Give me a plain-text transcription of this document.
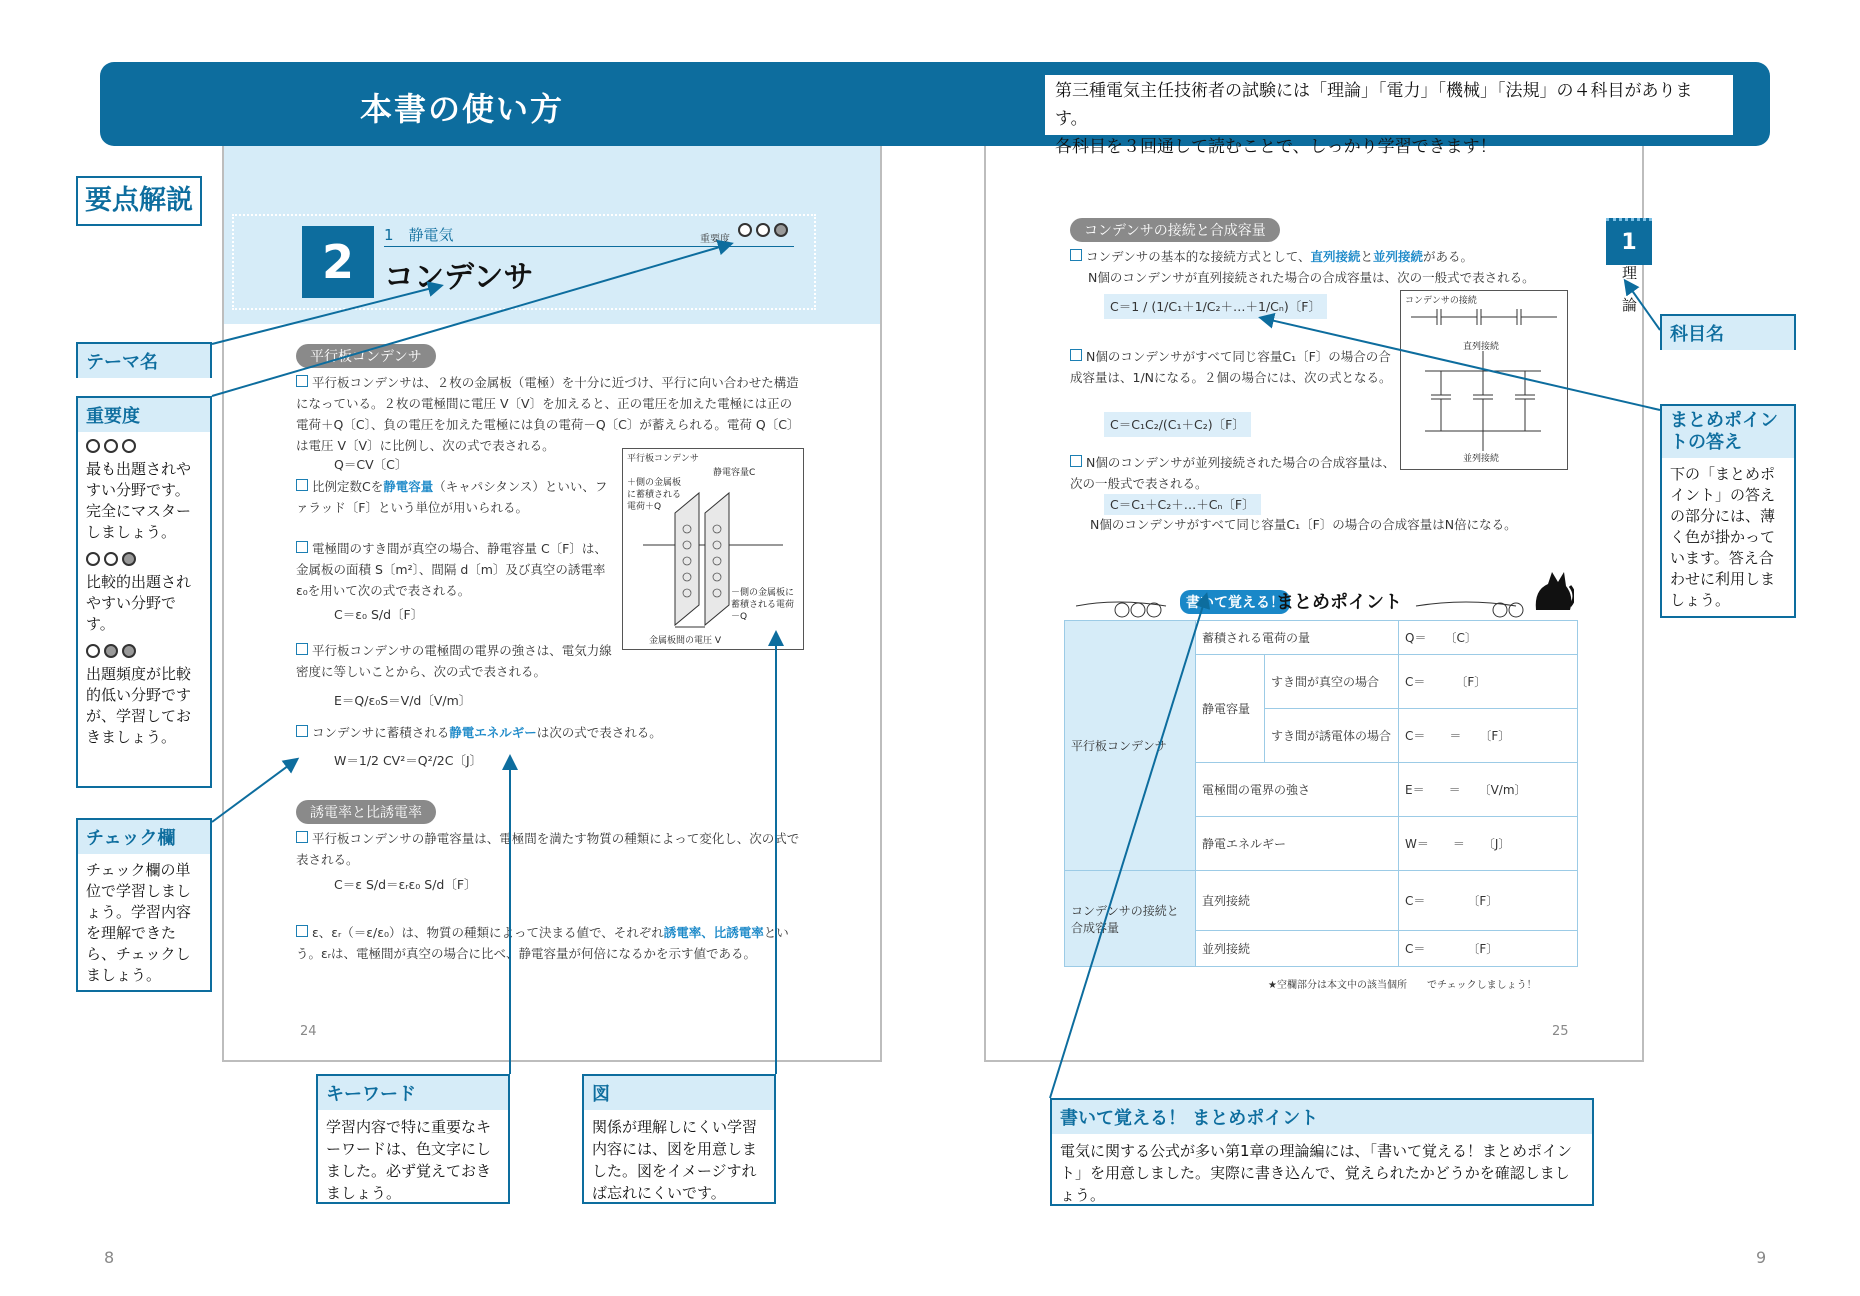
本書の使い方	第三種電気主任技術者の試験には「理論」「電力」「機械」「法規」の４科目があります。
各科目を３回通して読むことで、しっかり学習できます！
要点解説
2	1　静電気
コンデンサ
重要度
平行板コンデンサ
平行板コンデンサは、２枚の金属板（電極）を十分に近づけ、平行に向い合わせた構造になっている。２枚の電極間に電圧 V〔V〕を加えると、正の電圧を加えた電極には正の電荷＋Q〔C〕、負の電圧を加えた電極には負の電荷－Q〔C〕が蓄えられる。電荷 Q〔C〕は電圧 V〔V〕に比例し、次の式で表される。
Q＝CV〔C〕
比例定数Cを静電容量（キャパシタンス）といい、ファラッド〔F〕という単位が用いられる。
電極間のすき間が真空の場合、静電容量 C〔F〕は、金属板の面積 S〔m²〕、間隔 d〔m〕及び真空の誘電率ε₀を用いて次の式で表される。
C＝ε₀ S/d〔F〕
平行板コンデンサの電極間の電界の強さは、電気力線密度に等しいことから、次の式で表される。
E＝Q/ε₀S＝V/d〔V/m〕
コンデンサに蓄積される静電エネルギーは次の式で表される。
W＝1/2 CV²＝Q²/2C〔J〕
誘電率と比誘電率
平行板コンデンサの静電容量は、電極間を満たす物質の種類によって変化し、次の式で表される。
C＝ε S/d＝εᵣε₀ S/d〔F〕
ε、εᵣ（＝ε/ε₀）は、物質の種類によって決まる値で、それぞれ誘電率、比誘電率という。εᵣは、電極間が真空の場合に比べ、静電容量が何倍になるかを示す値である。
平行板コンデンサ
＋側の金属板に蓄積される電荷＋Q
静電容量C
－側の金属板に蓄積される電荷－Q
金属板間の電圧 V
24
コンデンサの接続と合成容量
コンデンサの基本的な接続方式として、直列接続と並列接続がある。
N個のコンデンサが直列接続された場合の合成容量は、次の一般式で表される。
C＝1 / (1/C₁＋1/C₂＋…＋1/Cₙ)〔F〕
N個のコンデンサがすべて同じ容量C₁〔F〕の場合の合成容量は、1/Nになる。２個の場合には、次の式となる。
C＝C₁C₂/(C₁＋C₂)〔F〕
N個のコンデンサが並列接続された場合の合成容量は、次の一般式で表される。
C＝C₁＋C₂＋…＋Cₙ〔F〕
N個のコンデンサがすべて同じ容量C₁〔F〕の場合の合成容量はN倍になる。
コンデンサの接続
直列接続
並列接続
書いて覚える！
まとめポイント
平行板コンデンサ	蓄積される電荷の量		Q＝　　〔C〕
	静電容量	すき間が真空の場合	C＝　　　〔F〕
		すき間が誘電体の場合	C＝　　＝　　〔F〕
	電極間の電界の強さ		E＝　　＝　　〔V/m〕
	静電エネルギー		W＝　　＝　　〔J〕

コンデンサの接続と合成容量	直列接続		C＝　　　　〔F〕
	並列接続		C＝　　　　〔F〕
★空欄部分は本文中の該当個所　　でチェックしましょう！
25
1
理
論
テーマ名
重要度
最も出題されやすい分野です。完全にマスターしましょう。
比較的出題されやすい分野です。
出題頻度が比較的低い分野ですが、学習しておきましょう。
チェック欄
チェック欄の単位で学習しましょう。学習内容を理解できたら、チェックしましょう。
キーワード
学習内容で特に重要なキーワードは、色文字にしました。必ず覚えておきましょう。
図
関係が理解しにくい学習内容には、図を用意しました。図をイメージすれば忘れにくいです。
書いて覚える！ まとめポイント
電気に関する公式が多い第1章の理論編には、「書いて覚える！まとめポイント」を用意しました。実際に書き込んで、覚えられたかどうかを確認しましょう。
科目名
まとめポイントの答え
下の「まとめポイント」の答えの部分には、薄く色が掛かっています。答え合わせに利用しましょう。
8	9
